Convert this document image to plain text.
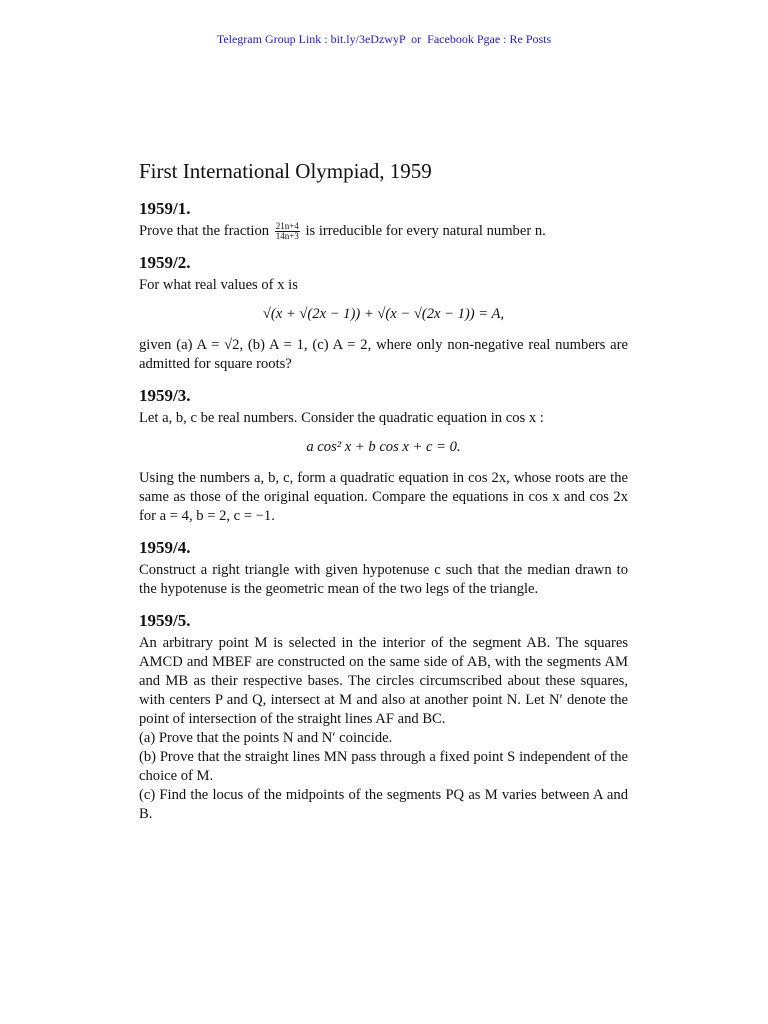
Telegram Group Link : bit.ly/3eDzwyP or Facebook Pgae : Re Posts
First International Olympiad, 1959
1959/1.
Prove that the fraction $\frac{21n+4}{14n+3}$ is irreducible for every natural number n.
1959/2.
For what real values of x is
√(x + √(2x − 1)) + √(x − √(2x − 1)) = A,
given (a) A = √2, (b) A = 1, (c) A = 2, where only non-negative real numbers are admitted for square roots?
1959/3.
Let a, b, c be real numbers. Consider the quadratic equation in cos x :
a cos² x + b cos x + c = 0.
Using the numbers a, b, c, form a quadratic equation in cos 2x, whose roots are the same as those of the original equation. Compare the equations in cos x and cos 2x for a = 4, b = 2, c = −1.
1959/4.
Construct a right triangle with given hypotenuse c such that the median drawn to the hypotenuse is the geometric mean of the two legs of the triangle.
1959/5.
An arbitrary point M is selected in the interior of the segment AB. The squares AMCD and MBEF are constructed on the same side of AB, with the segments AM and MB as their respective bases. The circles circumscribed about these squares, with centers P and Q, intersect at M and also at another point N. Let N′ denote the point of intersection of the straight lines AF and BC.
(a) Prove that the points N and N′ coincide.
(b) Prove that the straight lines MN pass through a fixed point S independent of the choice of M.
(c) Find the locus of the midpoints of the segments PQ as M varies between A and B.
